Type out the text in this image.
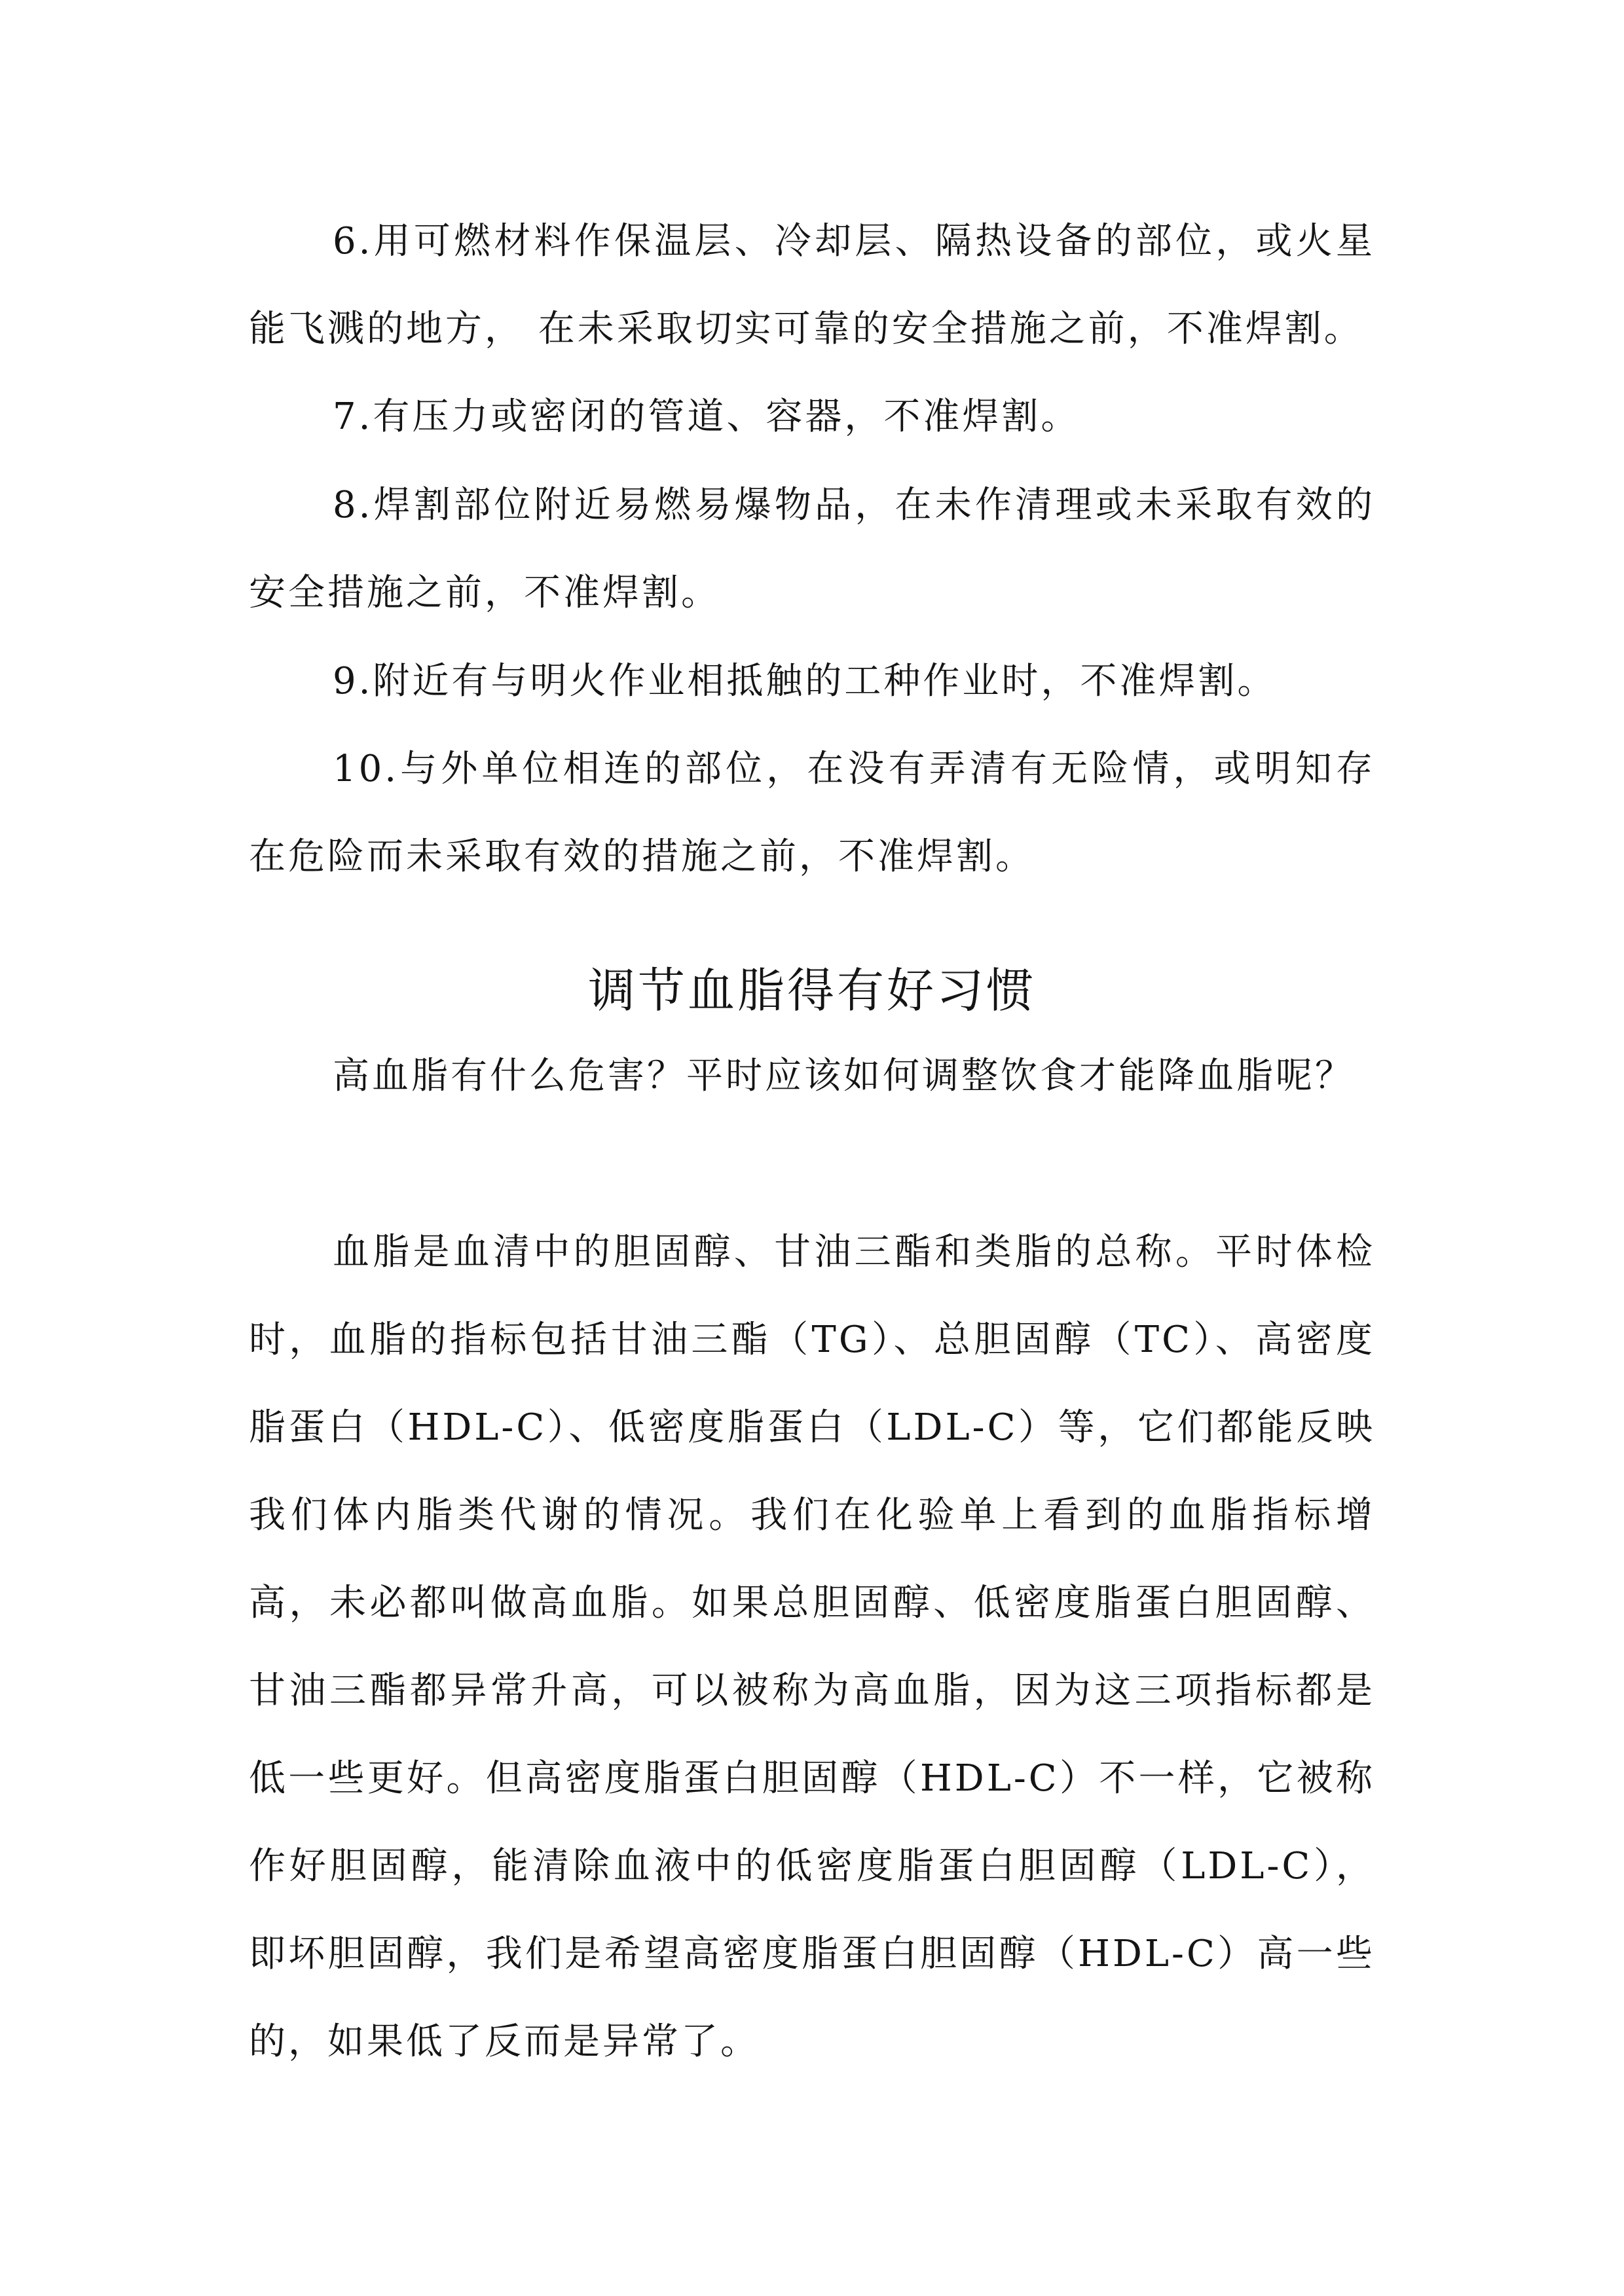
6.用可燃材料作保温层、冷却层、隔热设备的部位，或火星能飞溅的地方， 在未采取切实可靠的安全措施之前，不准焊割。

7.有压力或密闭的管道、容器，不准焊割。

8.焊割部位附近易燃易爆物品，在未作清理或未采取有效的安全措施之前，不准焊割。

9.附近有与明火作业相抵触的工种作业时，不准焊割。

10.与外单位相连的部位，在没有弄清有无险情，或明知存在危险而未采取有效的措施之前，不准焊割。

调节血脂得有好习惯

高血脂有什么危害？平时应该如何调整饮食才能降血脂呢？

血脂是血清中的胆固醇、甘油三酯和类脂的总称。平时体检时，血脂的指标包括甘油三酯（TG）、总胆固醇（TC）、高密度脂蛋白（HDL-C）、低密度脂蛋白（LDL-C）等，它们都能反映我们体内脂类代谢的情况。我们在化验单上看到的血脂指标增高，未必都叫做高血脂。如果总胆固醇、低密度脂蛋白胆固醇、甘油三酯都异常升高，可以被称为高血脂，因为这三项指标都是低一些更好。但高密度脂蛋白胆固醇（HDL-C）不一样，它被称作好胆固醇，能清除血液中的低密度脂蛋白胆固醇（LDL-C），即坏胆固醇，我们是希望高密度脂蛋白胆固醇（HDL-C）高一些的，如果低了反而是异常了。
